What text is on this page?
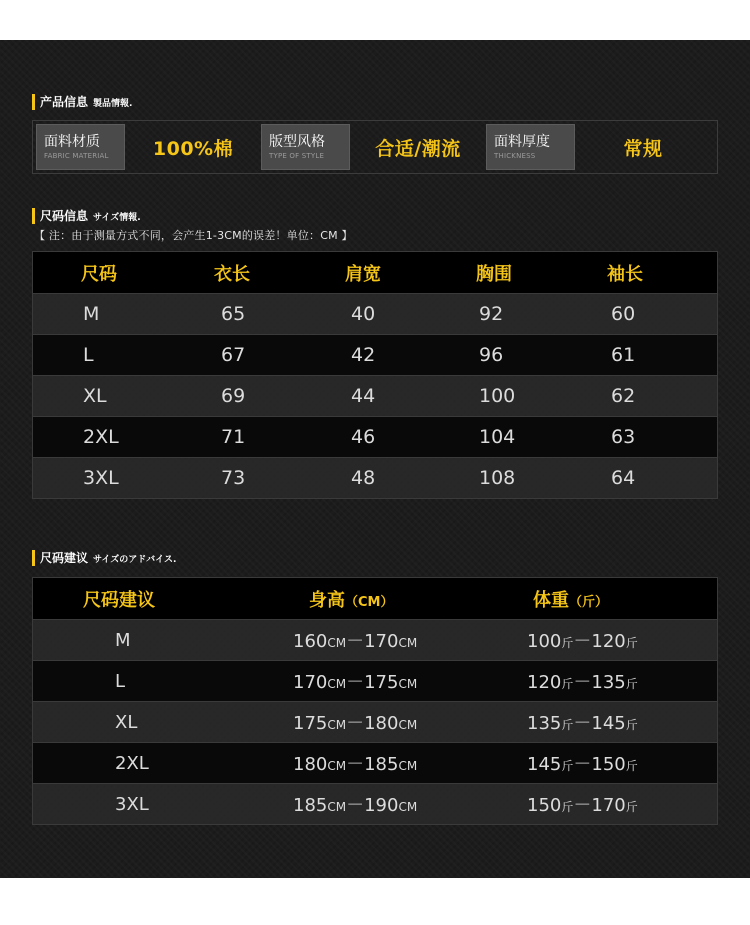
产品信息 製品情報.
面料材质
FABRIC MATERIAL	100%棉	版型风格
TYPE OF STYLE	合适/潮流	面料厚度
THICKNESS	常规
尺码信息 サイズ情報.
【 注：由于测量方式不同，会产生1-3CM的误差！单位：CM 】
尺码	衣长	肩宽	胸围	袖长
M	65	40	92	60
L	67	42	96	61
XL	69	44	100	62
2XL	71	46	104	63
3XL	73	48	108	64
尺码建议 サイズのアドバイス.
尺码建议	身高（CM）	体重（斤）
M	160CM－170CM	100斤－120斤
L	170CM－175CM	120斤－135斤
XL	175CM－180CM	135斤－145斤
2XL	180CM－185CM	145斤－150斤
3XL	185CM－190CM	150斤－170斤
